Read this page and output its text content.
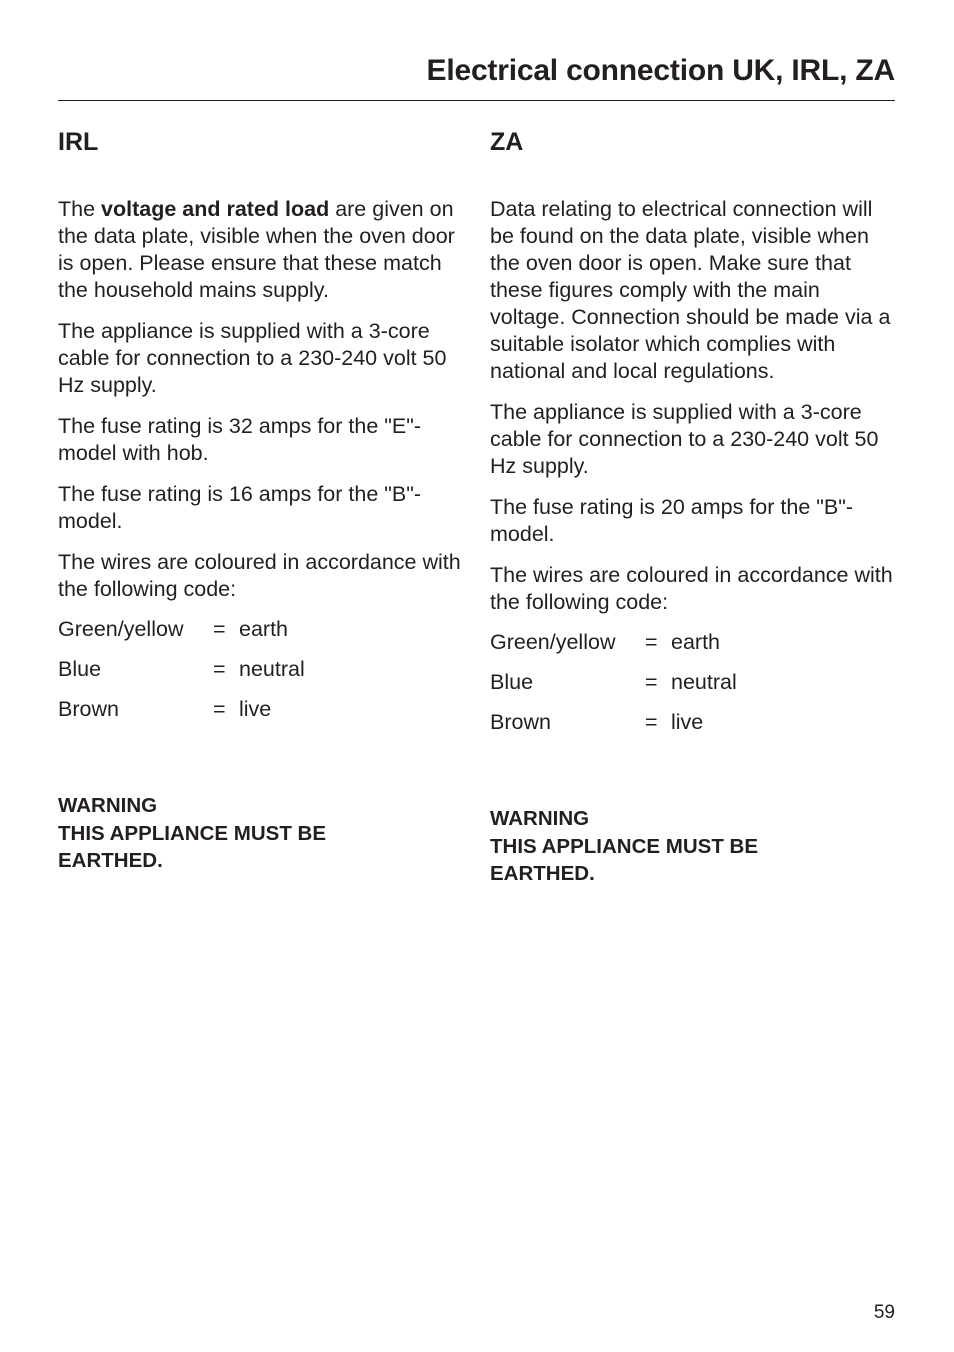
Electrical connection UK, IRL, ZA
IRL

The voltage and rated load are given on the data plate, visible when the oven door is open. Please ensure that these match the household mains supply.

The appliance is supplied with a 3-core cable for connection to a 230-240 volt 50 Hz supply.

The fuse rating is 32 amps for the "E"-model with hob.

The fuse rating is 16 amps for the "B"-model.

The wires are coloured in accordance with the following code:

Green/yellow	=	earth
Blue	=	neutral
Brown	=	live
WARNING
THIS APPLIANCE MUST BE
EARTHED.
ZA

Data relating to electrical connection will be found on the data plate, visible when the oven door is open. Make sure that these figures comply with the main voltage. Connection should be made via a suitable isolator which complies with national and local regulations.

The appliance is supplied with a 3-core cable for connection to a 230-240 volt 50 Hz supply.

The fuse rating is 20 amps for the "B"-model.

The wires are coloured in accordance with the following code:

Green/yellow	=	earth
Blue	=	neutral
Brown	=	live
WARNING
THIS APPLIANCE MUST BE
EARTHED.
59
